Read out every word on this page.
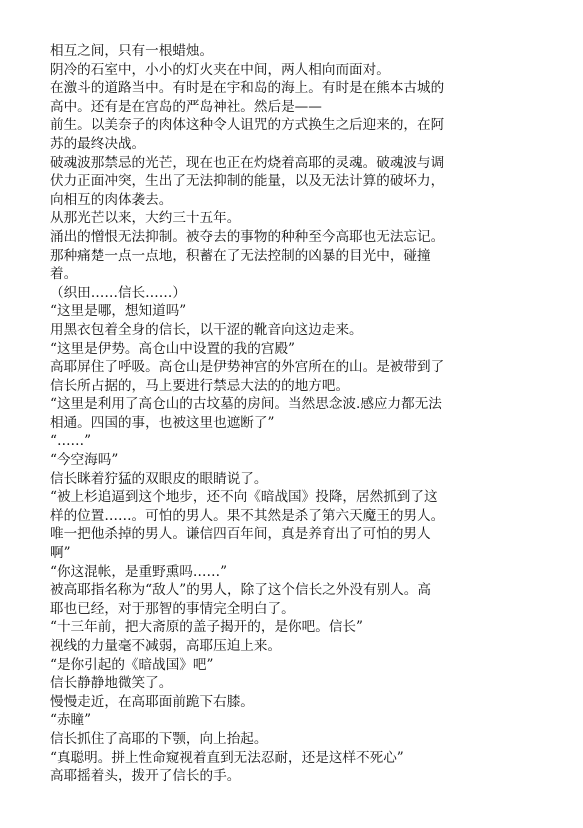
相互之间，只有一根蜡烛。

阴冷的石室中，小小的灯火夹在中间，两人相向而面对。

在激斗的道路当中。有时是在宇和岛的海上。有时是在熊本古城的

高中。还有是在宫岛的严岛神社。然后是——

前生。以美奈子的肉体这种令人诅咒的方式换生之后迎来的，在阿

苏的最终决战。

破魂波那禁忌的光芒，现在也正在灼烧着高耶的灵魂。破魂波与调

伏力正面冲突，生出了无法抑制的能量，以及无法计算的破坏力，

向相互的肉体袭去。

从那光芒以来，大约三十五年。

涌出的憎恨无法抑制。被夺去的事物的种种至今高耶也无法忘记。

那种痛楚一点一点地，积蓄在了无法控制的凶暴的目光中，碰撞

着。

（织田……信长……）

“这里是哪，想知道吗”

用黑衣包着全身的信长，以干涩的靴音向这边走来。

“这里是伊势。高仓山中设置的我的宫殿”

高耶屏住了呼吸。高仓山是伊势神宫的外宫所在的山。是被带到了

信长所占据的，马上要进行禁忌大法的的地方吧。

“这里是利用了高仓山的古坟墓的房间。当然思念波.感应力都无法

相通。四国的事，也被这里也遮断了”

“……”

“今空海吗”

信长眯着狞猛的双眼皮的眼睛说了。

“被上杉追逼到这个地步，还不向《暗战国》投降，居然抓到了这

样的位置……。可怕的男人。果不其然是杀了第六天魔王的男人。

唯一把他杀掉的男人。谦信四百年间，真是养育出了可怕的男人

啊”

“你这混帐，是重野熏吗……”

被高耶指名称为“敌人”的男人，除了这个信长之外没有别人。高

耶也已经，对于那智的事情完全明白了。

“十三年前，把大斋原的盖子揭开的，是你吧。信长”

视线的力量毫不减弱，高耶压迫上来。

“是你引起的《暗战国》吧”

信长静静地微笑了。

慢慢走近，在高耶面前跪下右膝。

“赤瞳”

信长抓住了高耶的下颚，向上抬起。

“真聪明。拼上性命窥视着直到无法忍耐，还是这样不死心”

高耶摇着头，拨开了信长的手。
